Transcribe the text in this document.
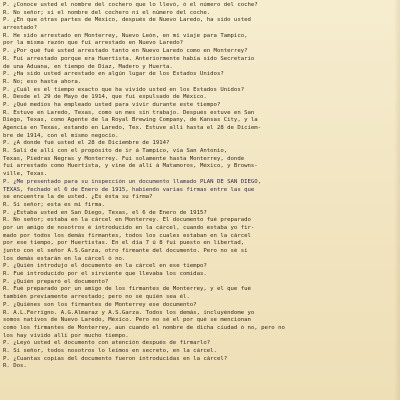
P. ¿Conoce usted el nombre del cochero que lo llevó, ó el número del coche?
R. No señor; si el nombre del cochero ni el número del coche.
P. ¿En que otras partes de México, después de Nuevo Laredo, ha sido usted
arrestado?
R. He sido arrestado en Monterrey, Nuevo León, en mi viaje para Tampico,
por la misma razón que fuí arrestado en Nuevo Laredo?
P. ¿Por qué fué usted arrestado tanto en Nuevo Laredo como en Monterrey?
R. Fuí arrestado porque era Huertista. Anteriormente había sido Secretario
de una Aduana, en tiempo de Díaz, Madero y Huerta.
P. ¿Ha sido usted arrestado en algún lugar de los Estados Unidos?
R. No; eso hasta ahora.
P. ¿Cuál es el tiempo exacto que ha vivido usted en los Estados Unidos?
R. Desde el 29 de Mayo de 1914, que fuí expulsado de México.
P. ¿Qué medios ha empleado usted para vivir durante este tiempo?
R. Estuve en Laredo, Texas, como un mes sin trabajo. Después estuve en San
Diego, Texas, como Agente de la Royal Brewing Company, de Kansas City, y la
Agencia en Texas, estando en Laredo, Tex. Estuve allí hasta el 28 de Diciem-
bre de 1914, con el mismo negocio.
P. ¿A donde fué usted el 28 de Diciembre de 1914?
R. Salí de allí con el propósito de ir á Tampico, vía San Antonio,
Texas, Piedras Negras y Monterrey. Fuí solamente hasta Monterrey, donde
fuí arrestado como Huertista, y vine de allí á Matamoros, México, y Browns-
ville, Texas.
P. ¿Me presentado para su inspección un documento llamado PLAN DE SAN DIEGO,
TEXAS, fechado el 6 de Enero de 1915, habiendo varias firmas entre las que
se encuentra la de usted. ¿Es ésta su firma?
R. Si señor; esta es mi firma.
P. ¿Estaba usted en San Diego, Texas, el 6 de Enero de 1915?
R. No señor; estaba en la cárcel en Monterrey. El documento fué preparado
por un amigo de nosotros é introducido en la cárcel, cuando estaba yo fir-
mado por todos los demás firmantes, todos los cuales estaban en la cárcel
por ese tiempo, por Huertistas. En el día 7 ú 8 fuí puesto en libertad,
junto con el señor A.S.Garza, otro firmante del documento. Pero no sé si
los demás estarán en la cárcel ó no.
P. ¿Quién introdujo el documento en la cárcel en ese tiempo?
R. Fué introducido por el sirviente que llevaba los comidas.
P. ¿Quién preparó el documento?
R. Fué preparado por un amigo de los firmantes de Monterrey, y el que fué
también previamente arrestado; pero no sé quién sea él.
P. ¿Quiénes son los firmantes de Monterrey ese documento?
R. A.L.Ferrigno. A.G.Almaraz y A.S.Garza. Todos los demás, incluyéndome yo
somos nativos de Nuevo Laredo, México. Pero no sé el por qué se mencionan
como los firmantes de Monterrey, aun cuando el nombre de dicha ciudad ó no, pero no
los hay vivido allí por mucho tiempo.
P. ¿Leyó usted el documento con atención después de firmarlo?
R. Si señor, todos nosotros lo leímos en secreto, en la cárcel.
P. ¿Cuantas copias del documento fueron introducidas en la cárcel?
R. Dos.
